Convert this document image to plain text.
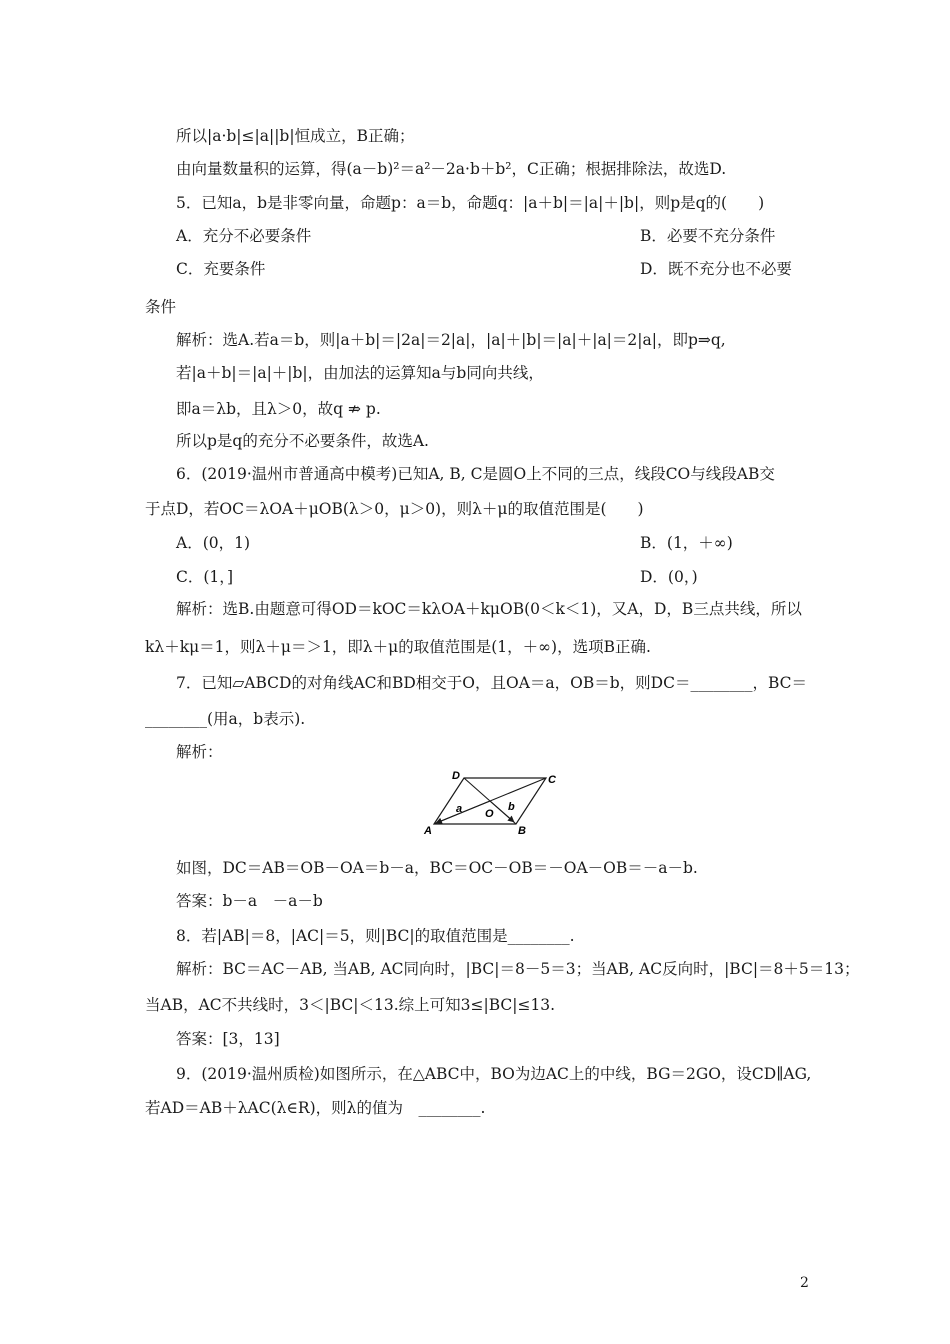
所以|a·b|≤|a||b|恒成立，B正确；
由向量数量积的运算，得(a－b)²＝a²－2a·b＋b²，C正确；根据排除法，故选D.
5．已知a，b是非零向量，命题p：a＝b，命题q：|a＋b|＝|a|＋|b|，则p是q的(　　)
A．充分不必要条件	B．必要不充分条件
C．充要条件	D．既不充分也不必要
条件
解析：选A.若a＝b，则|a＋b|＝|2a|＝2|a|，|a|＋|b|＝|a|＋|a|＝2|a|，即p⇒q,
若|a＋b|＝|a|＋|b|，由加法的运算知a与b同向共线，
即a＝λb，且λ＞0，故q ⇏ p.
所以p是q的充分不必要条件，故选A.
6．(2019·温州市普通高中模考)已知A, B, C是圆O上不同的三点，线段CO与线段AB交
于点D，若OC＝λOA＋μOB(λ＞0，μ＞0)，则λ＋μ的取值范围是(　　)
A．(0，1)	B．(1，＋∞)
C．(1，]	D．(0，)
解析：选B.由题意可得OD＝kOC＝kλOA＋kμOB(0＜k＜1)，又A，D，B三点共线，所以
kλ＋kμ＝1，则λ＋μ＝＞1，即λ＋μ的取值范围是(1，＋∞)，选项B正确.
7．已知▱ABCD的对角线AC和BD相交于O，且OA＝a，OB＝b，则DC＝________，BC＝
________(用a，b表示).
解析：
A	B
C
D
O
a	b
如图，DC＝AB＝OB－OA＝b－a，BC＝OC－OB＝－OA－OB＝－a－b.
答案：b－a　－a－b
8．若|AB|＝8，|AC|＝5，则|BC|的取值范围是________.
解析：BC＝AC－AB, 当AB, AC同向时，|BC|＝8－5＝3；当AB, AC反向时，|BC|＝8＋5＝13；
当AB，AC不共线时，3＜|BC|＜13.综上可知3≤|BC|≤13.
答案：[3，13]
9．(2019·温州质检)如图所示，在△ABC中，BO为边AC上的中线，BG＝2GO，设CD∥AG,
若AD＝AB＋λAC(λ∈R)，则λ的值为　________.
2
